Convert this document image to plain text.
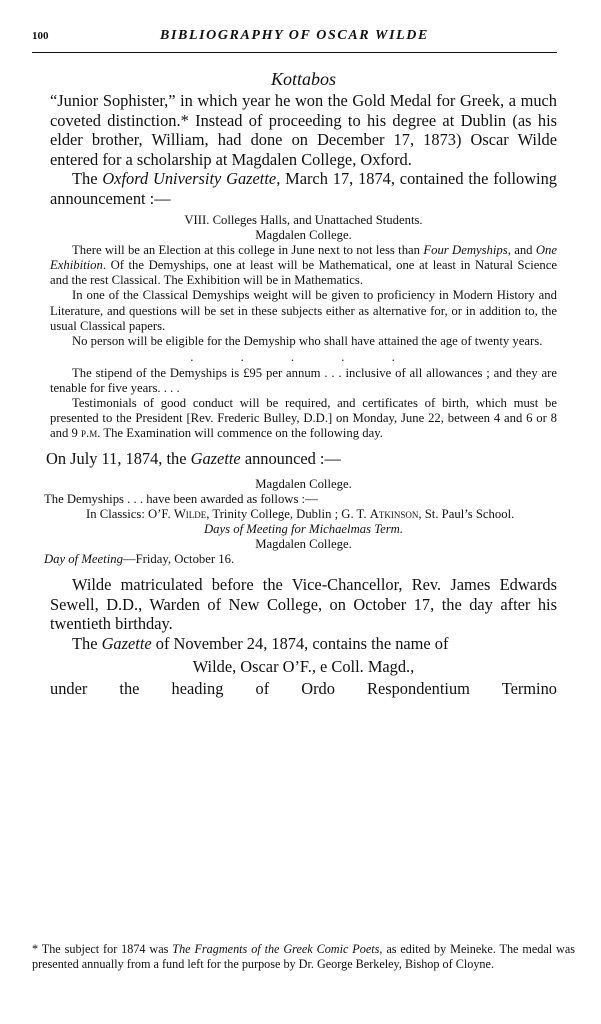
100	BIBLIOGRAPHY OF OSCAR WILDE
Kottabos

“Junior Sophister,” in which year he won the Gold Medal for Greek, a much coveted distinction.* Instead of proceeding to his degree at Dublin (as his elder brother, William, had done on December 17, 1873) Oscar Wilde entered for a scholarship at Magdalen College, Oxford.

The Oxford University Gazette, March 17, 1874, contained the following announcement :—

VIII. Colleges Halls, and Unattached Students.

Magdalen College.

There will be an Election at this college in June next to not less than Four Demyships, and One Exhibition. Of the Demyships, one at least will be Mathematical, one at least in Natural Science and the rest Classical. The Exhibition will be in Mathematics.

In one of the Classical Demyships weight will be given to proficiency in Modern History and Literature, and questions will be set in these subjects either as alternative for, or in addition to, the usual Classical papers.

No person will be eligible for the Demyship who shall have attained the age of twenty years.

. . . . .

The stipend of the Demyships is £95 per annum . . . inclusive of all allowances ; and they are tenable for five years. . . .

Testimonials of good conduct will be required, and certificates of birth, which must be presented to the President [Rev. Frederic Bulley, D.D.] on Monday, June 22, between 4 and 6 or 8 and 9 p.m. The Examination will commence on the following day.

On July 11, 1874, the Gazette announced :—

Magdalen College.

The Demyships . . . have been awarded as follows :—

In Classics: O’F. Wilde, Trinity College, Dublin ; G. T. Atkinson, St. Paul’s School.

Days of Meeting for Michaelmas Term.

Magdalen College.

Day of Meeting—Friday, October 16.

Wilde matriculated before the Vice-Chancellor, Rev. James Edwards Sewell, D.D., Warden of New College, on October 17, the day after his twentieth birthday.

The Gazette of November 24, 1874, contains the name of

Wilde, Oscar O’F., e Coll. Magd.,

under the heading of Ordo Respondentium Termino

* The subject for 1874 was The Fragments of the Greek Comic Poets, as edited by Meineke. The medal was presented annually from a fund left for the purpose by Dr. George Berkeley, Bishop of Cloyne.
